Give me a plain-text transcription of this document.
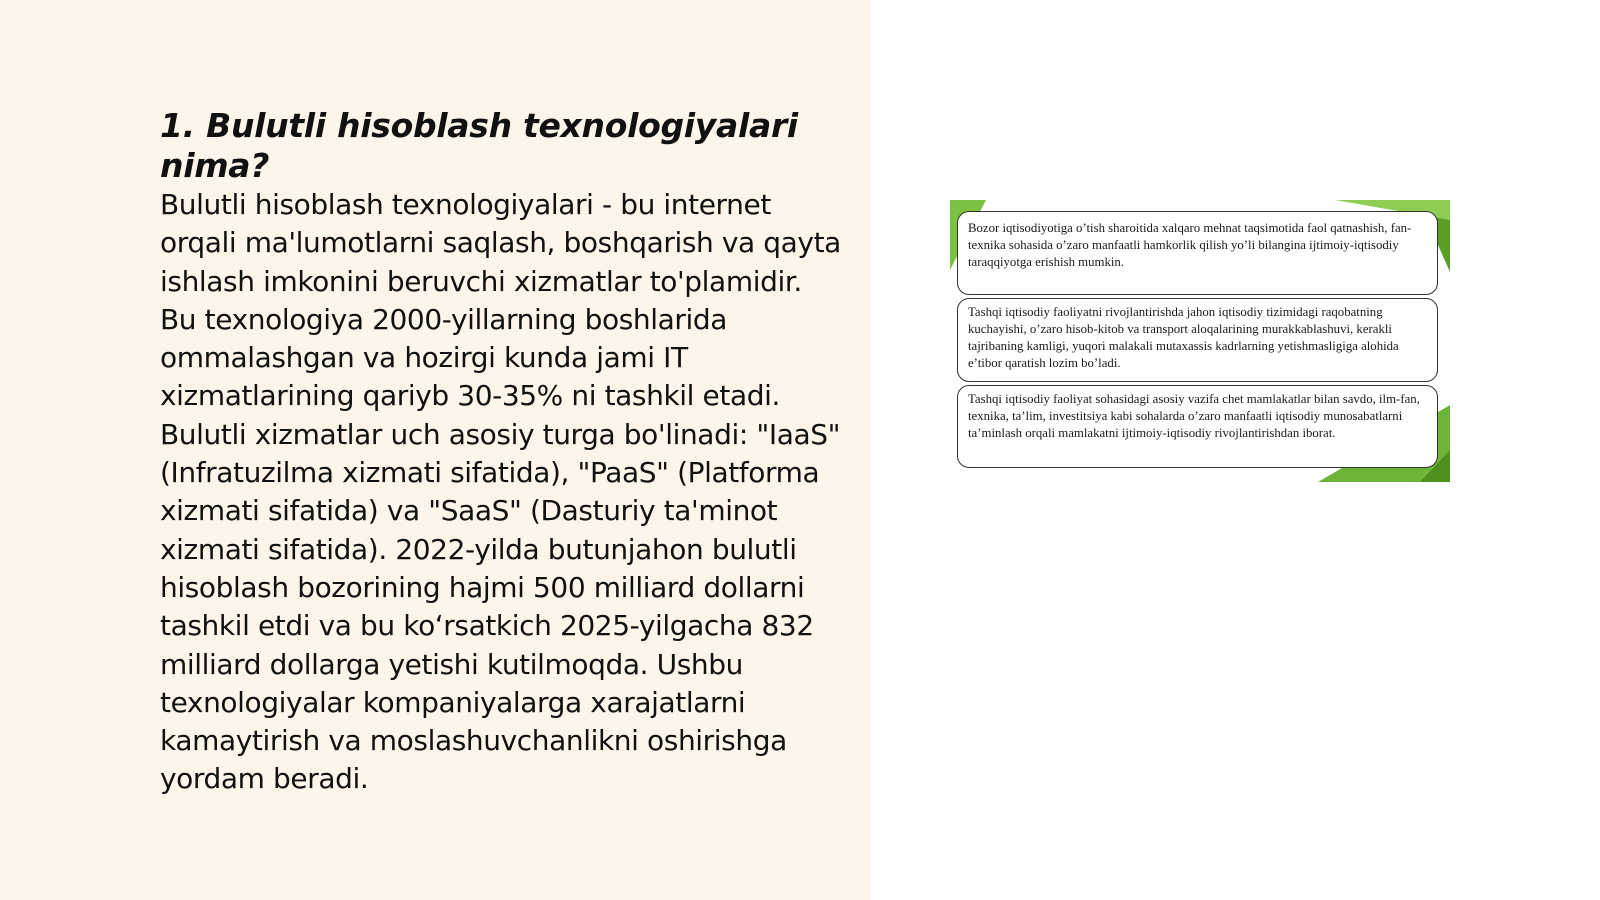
1. Bulutli hisoblash texnologiyalari nima?

Bulutli hisoblash texnologiyalari - bu internet orqali ma'lumotlarni saqlash, boshqarish va qayta ishlash imkonini beruvchi xizmatlar to'plamidir. Bu texnologiya 2000-yillarning boshlarida ommalashgan va hozirgi kunda jami IT xizmatlarining qariyb 30-35% ni tashkil etadi. Bulutli xizmatlar uch asosiy turga bo'linadi: "IaaS" (Infratuzilma xizmati sifatida), "PaaS" (Platforma xizmati sifatida) va "SaaS" (Dasturiy ta'minot xizmati sifatida). 2022-yilda butunjahon bulutli hisoblash bozorining hajmi 500 milliard dollarni tashkil etdi va bu koʻrsatkich 2025-yilgacha 832 milliard dollarga yetishi kutilmoqda. Ushbu texnologiyalar kompaniyalarga xarajatlarni kamaytirish va moslashuvchanlikni oshirishga yordam beradi.

Bozor iqtisodiyotiga o’tish sharoitida xalqaro mehnat taqsimotida faol qatnashish, fan-texnika sohasida o’zaro manfaatli hamkorlik qilish yo’li bilangina ijtimoiy-iqtisodiy taraqqiyotga erishish mumkin.
Tashqi iqtisodiy faoliyatni rivojlantirishda jahon iqtisodiy tizimidagi raqobatning kuchayishi, o’zaro hisob-kitob va transport aloqalarining murakkablashuvi, kerakli tajribaning kamligi, yuqori malakali mutaxassis kadrlarning yetishmasligiga alohida e’tibor qaratish lozim bo’ladi.
Tashqi iqtisodiy faoliyat sohasidagi asosiy vazifa chet mamlakatlar bilan savdo, ilm-fan, texnika, ta’lim, investitsiya kabi sohalarda o’zaro manfaatli iqtisodiy munosabatlarni ta’minlash orqali mamlakatni ijtimoiy-iqtisodiy rivojlantirishdan iborat.
